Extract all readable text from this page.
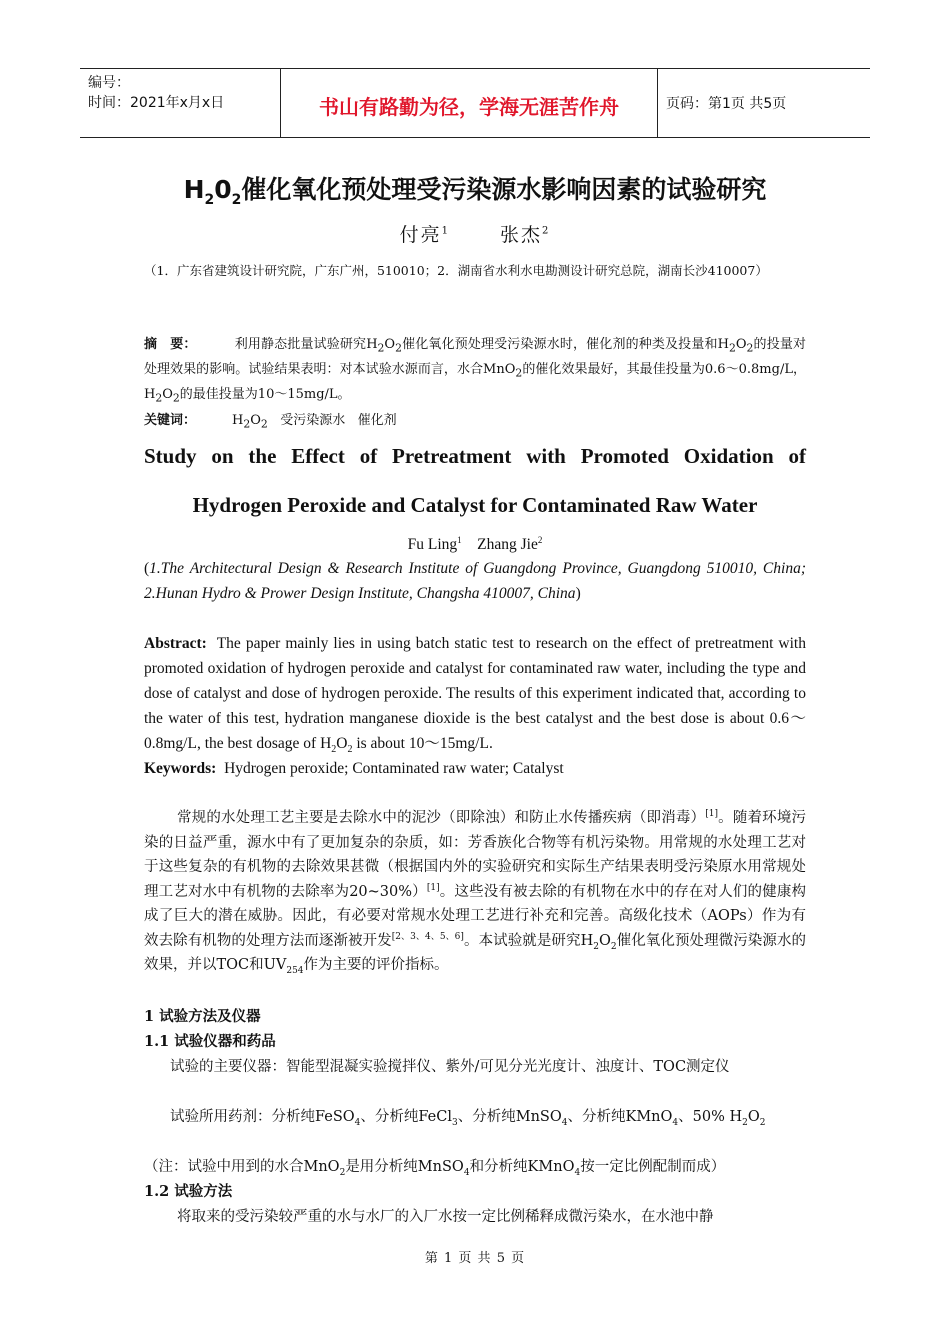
编号：
时间：2021年x月x日	书山有路勤为径，学海无涯苦作舟	页码：第1页 共5页
$H_20_2$催化氧化预处理受污染源水影响因素的试验研究
付亮$^1$	张杰$^2$
（1．广东省建筑设计研究院，广东广州，510010；2．湖南省水利水电勘测设计研究总院，湖南长沙410007）
摘　要：	利用静态批量试验研究$H_2O_2$催化氧化预处理受污染源水时，催化剂的种类及投量和$H_2O_2$的投量对处理效果的影响。试验结果表明：对本试验水源而言，水合MnO$_2$的催化效果最好，其最佳投量为0.6～0.8mg/L，$H_2O_2$的最佳投量为10～15mg/L。
关键词：	$H_2O_2$ 受污染源水 催化剂
Study on the Effect of Pretreatment with Promoted Oxidation of
Hydrogen Peroxide and Catalyst for Contaminated Raw Water
Fu Ling$^1$ Zhang Jie$^2$
(1.The Architectural Design & Research Institute of Guangdong Province, Guangdong 510010, China; 2.Hunan Hydro & Prower Design Institute, Changsha 410007, China)
Abstract: The paper mainly lies in using batch static test to research on the effect of pretreatment with promoted oxidation of hydrogen peroxide and catalyst for contaminated raw water, including the type and dose of catalyst and dose of hydrogen peroxide. The results of this experiment indicated that, according to the water of this test, hydration manganese dioxide is the best catalyst and the best dose is about 0.6～0.8mg/L, the best dosage of $H_2O_2$ is about 10～15mg/L.
Keywords: Hydrogen peroxide; Contaminated raw water; Catalyst
常规的水处理工艺主要是去除水中的泥沙（即除浊）和防止水传播疾病（即消毒）[1]。随着环境污染的日益严重，源水中有了更加复杂的杂质，如：芳香族化合物等有机污染物。用常规的水处理工艺对于这些复杂的有机物的去除效果甚微（根据国内外的实验研究和实际生产结果表明受污染原水用常规处理工艺对水中有机物的去除率为20~30%）[1]。这些没有被去除的有机物在水中的存在对人们的健康构成了巨大的潜在威胁。因此，有必要对常规水处理工艺进行补充和完善。高级化技术（AOPs）作为有效去除有机物的处理方法而逐渐被开发[2、3、4、5、6]。本试验就是研究$H_2O_2$催化氧化预处理微污染源水的效果，并以TOC和$UV_{254}$作为主要的评价指标。
1 试验方法及仪器
1.1 试验仪器和药品
试验的主要仪器：智能型混凝实验搅拌仪、紫外/可见分光光度计、浊度计、TOC测定仪
试验所用药剂：分析纯FeSO$_4$、分析纯FeCl$_3$、分析纯MnSO$_4$、分析纯KMnO$_4$、50% $H_2O_2$
（注：试验中用到的水合MnO$_2$是用分析纯MnSO$_4$和分析纯KMnO$_4$按一定比例配制而成）
1.2 试验方法
将取来的受污染较严重的水与水厂的入厂水按一定比例稀释成微污染水，在水池中静
第 1 页 共 5 页
